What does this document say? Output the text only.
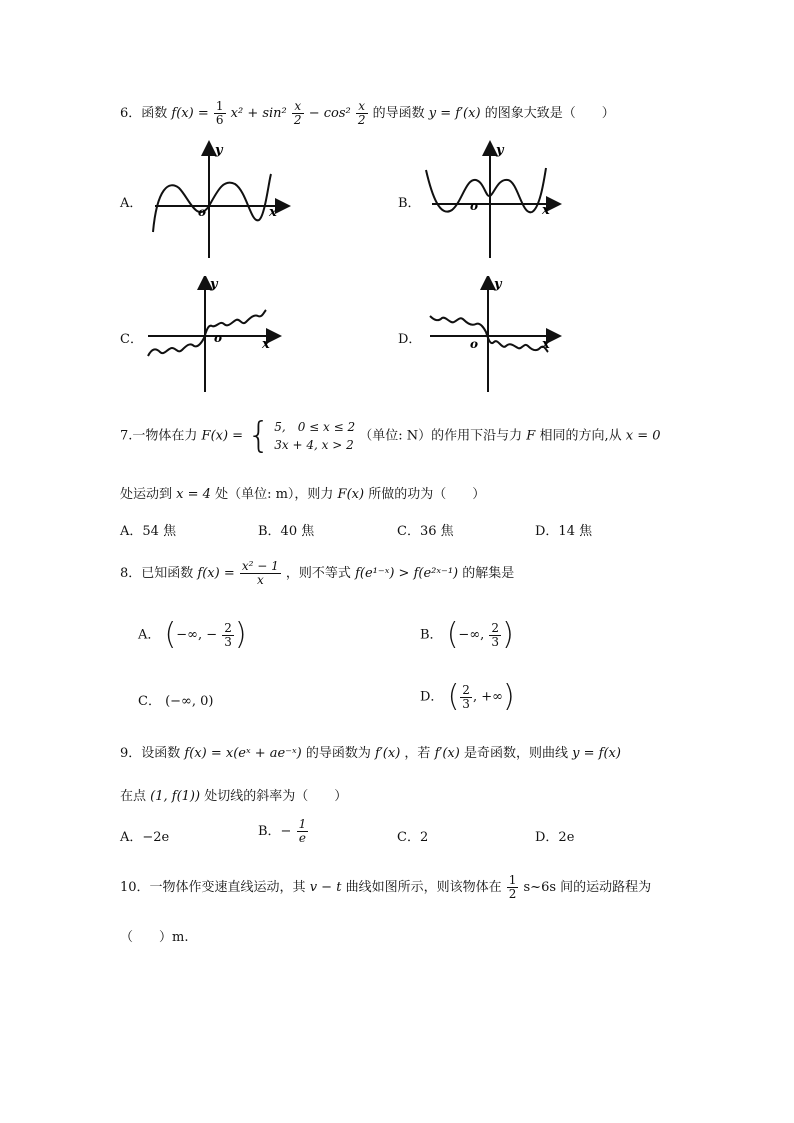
6．函数 $f(x) = \frac{1}{6} x^2 + \sin^2 \frac{x}{2} - \cos^2 \frac{x}{2}$ 的导函数 y = f′(x) 的图象大致是（　　）
A．
y
x
o
B．
y
x
o
C．
y
x
o	D．
y
x
o
7.一物体在力 F(x) = { 5,　0 ≤ x ≤ 2
3x + 4, x > 2
（单位: N）的作用下沿与力 F 相同的方向,从 x = 0
处运动到 x = 4 处（单位: m），则力 F(x) 所做的功为（　　）
A．54 焦	B．40 焦	C．36 焦	D．14 焦
8．已知函数 $f(x) = \frac{\text{x² − 1}}{x}$ ，则不等式 f(e¹⁻ˣ) > f(e²ˣ⁻¹) 的解集是
A． (−∞, − $\frac{2}{3}$ )	B． (−∞, $\frac{2}{3}$ )
C． (−∞, 0)	D． ( $\frac{2}{3}$ , +∞)
9．设函数 f(x) = x(eˣ + ae⁻ˣ) 的导函数为 f′(x) ，若 f′(x) 是奇函数，则曲线 y = f(x)
在点 (1, f(1)) 处切线的斜率为（　　）
A．−2e	B．− $\frac{1}{e}$	C．2	D．2e
10．一物体作变速直线运动，其 v − t 曲线如图所示，则该物体在 $\frac{1}{2}$ s~6s 间的运动路程为
（　　）m.
